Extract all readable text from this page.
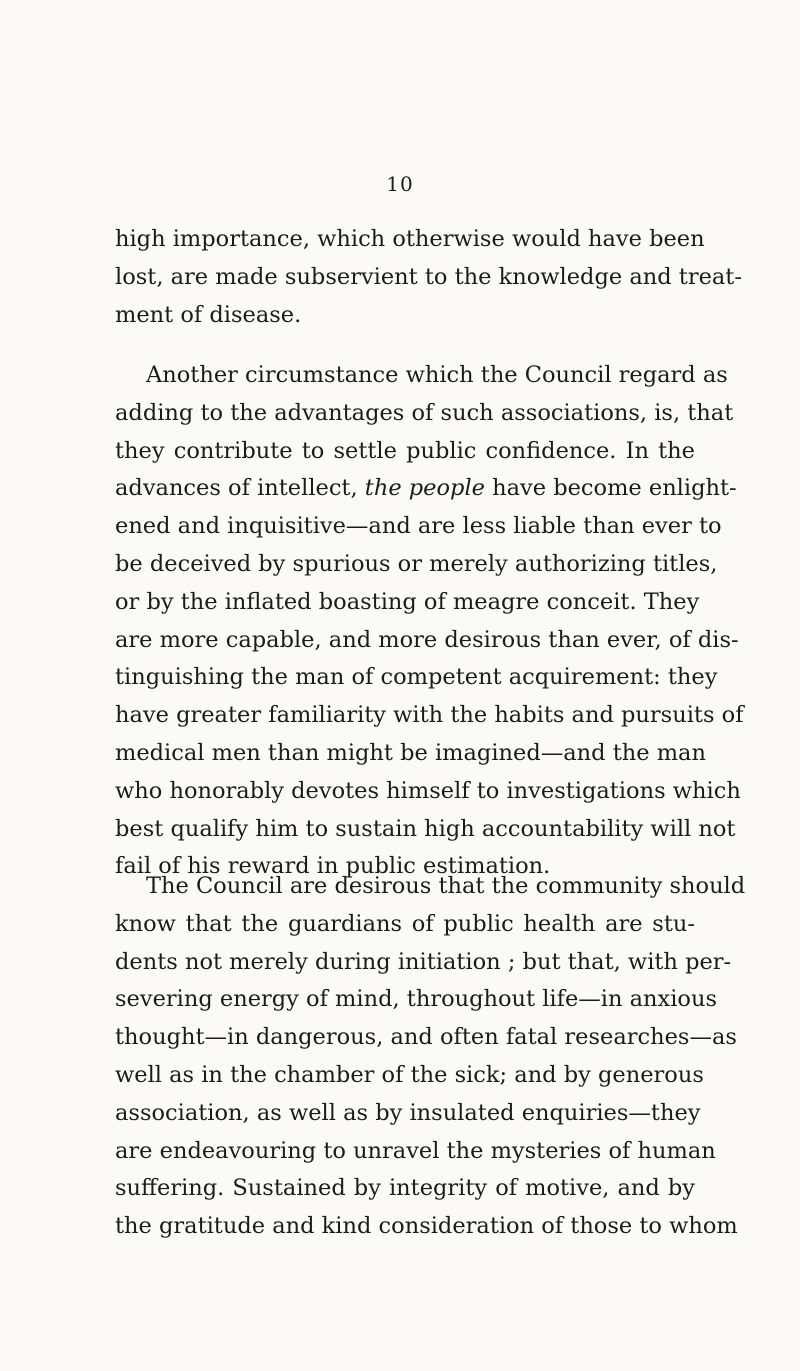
10
high importance, which otherwise would have been
lost, are made subservient to the knowledge and treat-
ment of disease.
Another circumstance which the Council regard as
adding to the advantages of such associations, is, that
they contribute to settle public confidence. In the
advances of intellect, the people have become enlight-
ened and inquisitive—and are less liable than ever to
be deceived by spurious or merely authorizing titles,
or by the inflated boasting of meagre conceit. They
are more capable, and more desirous than ever, of dis-
tinguishing the man of competent acquirement: they
have greater familiarity with the habits and pursuits of
medical men than might be imagined—and the man
who honorably devotes himself to investigations which
best qualify him to sustain high accountability will not
fail of his reward in public estimation.
The Council are desirous that the community should
know that the guardians of public health are stu-
dents not merely during initiation ; but that, with per-
severing energy of mind, throughout life—in anxious
thought—in dangerous, and often fatal researches—as
well as in the chamber of the sick; and by generous
association, as well as by insulated enquiries—they
are endeavouring to unravel the mysteries of human
suffering. Sustained by integrity of motive, and by
the gratitude and kind consideration of those to whom
